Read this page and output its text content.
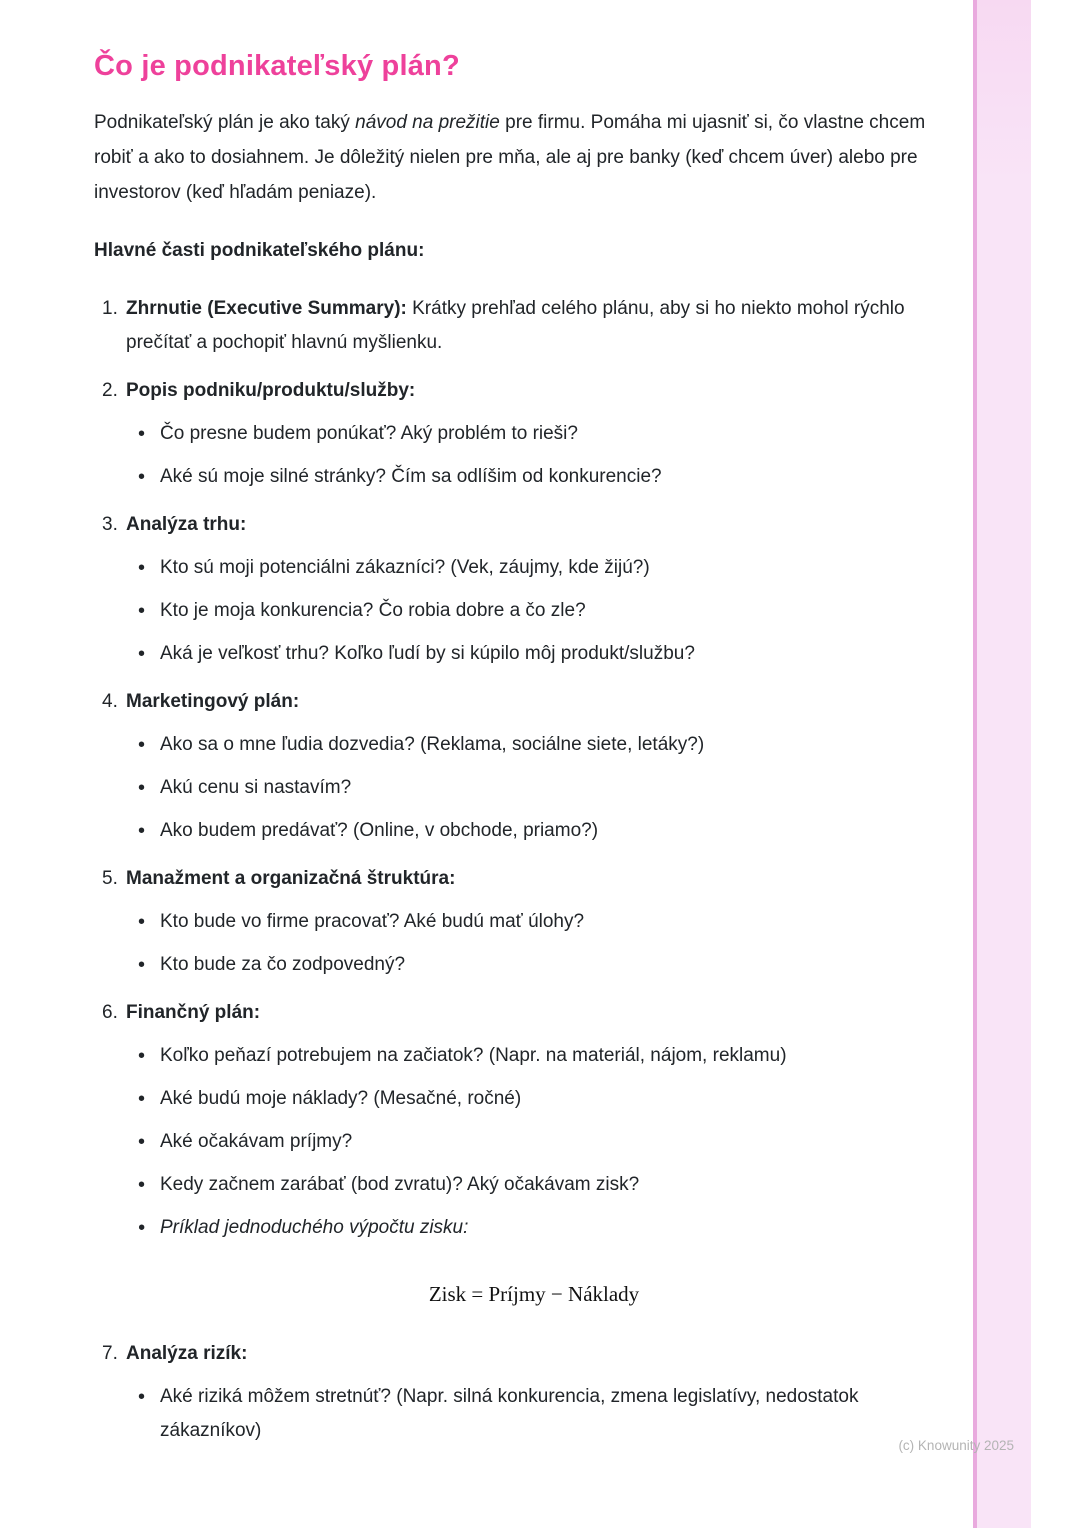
Čo je podnikateľský plán?

Podnikateľský plán je ako taký návod na prežitie pre firmu. Pomáha mi ujasniť si, čo vlastne chcem robiť a ako to dosiahnem. Je dôležitý nielen pre mňa, ale aj pre banky (keď chcem úver) alebo pre investorov (keď hľadám peniaze).

Hlavné časti podnikateľského plánu:
1. Zhrnutie (Executive Summary): Krátky prehľad celého plánu, aby si ho niekto mohol rýchlo prečítať a pochopiť hlavnú myšlienku.
2. Popis podniku/produktu/služby:
• Čo presne budem ponúkať? Aký problém to rieši?
• Aké sú moje silné stránky? Čím sa odlíšim od konkurencie?
3. Analýza trhu:
• Kto sú moji potenciálni zákazníci? (Vek, záujmy, kde žijú?)
• Kto je moja konkurencia? Čo robia dobre a čo zle?
• Aká je veľkosť trhu? Koľko ľudí by si kúpilo môj produkt/službu?
4. Marketingový plán:
• Ako sa o mne ľudia dozvedia? (Reklama, sociálne siete, letáky?)
• Akú cenu si nastavím?
• Ako budem predávať? (Online, v obchode, priamo?)
5. Manažment a organizačná štruktúra:
• Kto bude vo firme pracovať? Aké budú mať úlohy?
• Kto bude za čo zodpovedný?
6. Finančný plán:
• Koľko peňazí potrebujem na začiatok? (Napr. na materiál, nájom, reklamu)
• Aké budú moje náklady? (Mesačné, ročné)
• Aké očakávam príjmy?
• Kedy začnem zarábať (bod zvratu)? Aký očakávam zisk?
• Príklad jednoduchého výpočtu zisku:
Zisk = Príjmy − Náklady
7. Analýza rizík:
• Aké riziká môžem stretnúť? (Napr. silná konkurencia, zmena legislatívy, nedostatok zákazníkov)
(c) Knowunity 2025
